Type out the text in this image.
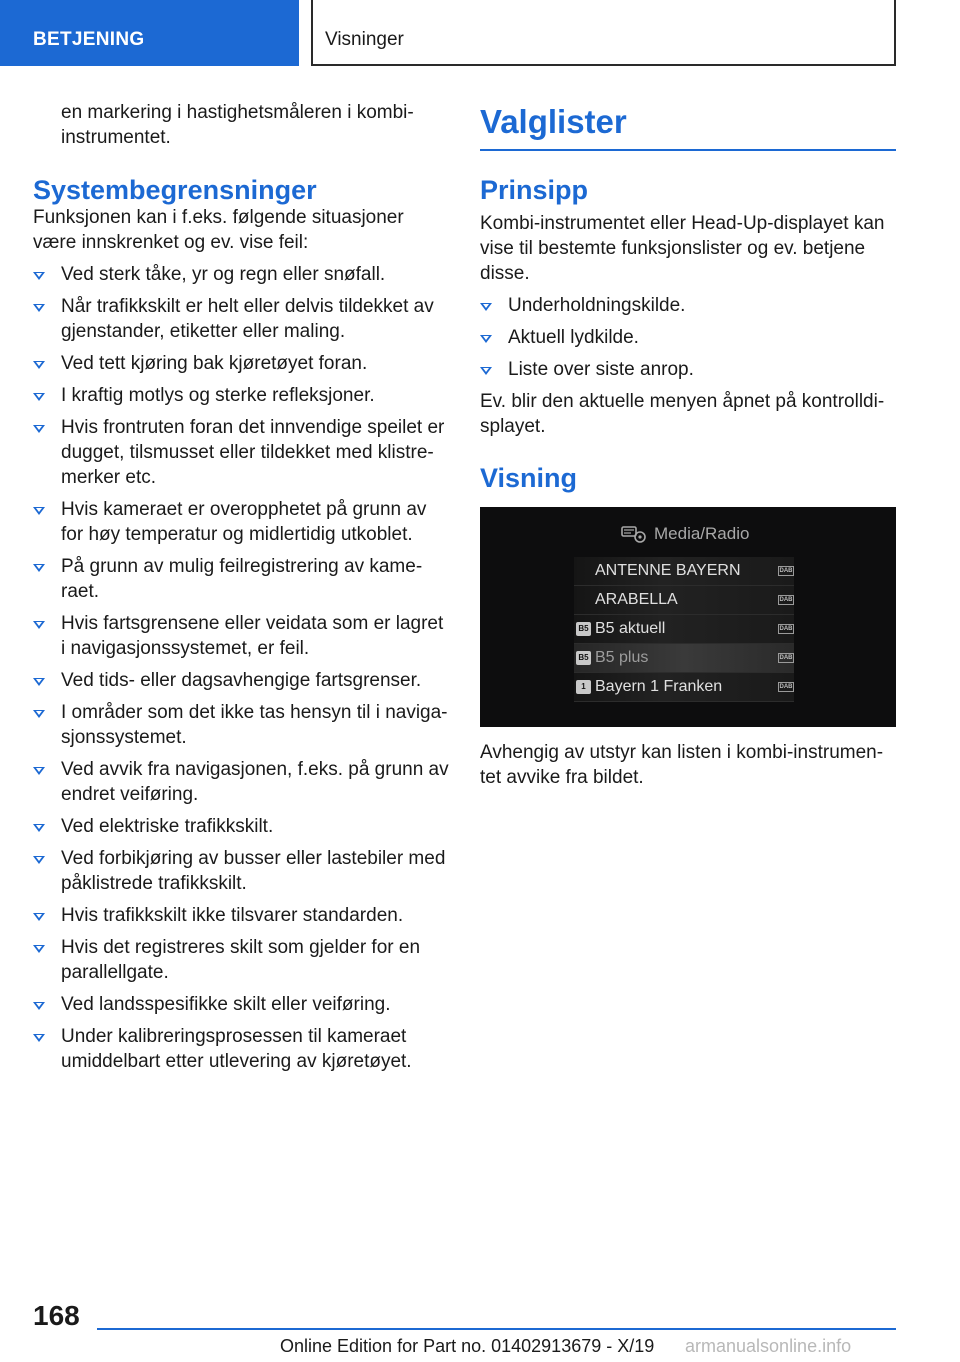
BETJENING	Visninger

en markering i hastighetsmåleren i kombi-instrumentet.

Systembegrensninger

Funksjonen kan i f.eks. følgende situasjoner være innskrenket og ev. vise feil:

Ved sterk tåke, yr og regn eller snøfall.
Når trafikkskilt er helt eller delvis tildekket av gjenstander, etiketter eller maling.
Ved tett kjøring bak kjøretøyet foran.
I kraftig motlys og sterke refleksjoner.
Hvis frontruten foran det innvendige speilet er dugget, tilsmusset eller tildekket med klistre-merker etc.
Hvis kameraet er overopphetet på grunn av for høy temperatur og midlertidig utkoblet.
På grunn av mulig feilregistrering av kame-raet.
Hvis fartsgrensene eller veidata som er lagret i navigasjonssystemet, er feil.
Ved tids- eller dagsavhengige fartsgrenser.
I områder som det ikke tas hensyn til i naviga-sjonssystemet.
Ved avvik fra navigasjonen, f.eks. på grunn av endret veiføring.
Ved elektriske trafikkskilt.
Ved forbikjøring av busser eller lastebiler med påklistrede trafikkskilt.
Hvis trafikkskilt ikke tilsvarer standarden.
Hvis det registreres skilt som gjelder for en parallellgate.
Ved landsspesifikke skilt eller veiføring.
Under kalibreringsprosessen til kameraet umiddelbart etter utlevering av kjøretøyet.
Valglister
Prinsipp

Kombi-instrumentet eller Head-Up-displayet kan vise til bestemte funksjonslister og ev. betjene disse.

Underholdningskilde.
Aktuell lydkilde.
Liste over siste anrop.

Ev. blir den aktuelle menyen åpnet på kontrolldi-splayet.

Visning
Media/Radio
ANTENNE BAYERN	DAB
ARABELLA	DAB
B5 B5 aktuell	DAB
B5 B5 plus	DAB
1 Bayern 1 Franken	DAB

Avhengig av utstyr kan listen i kombi-instrumen-tet avvike fra bildet.

168
Online Edition for Part no. 01402913679 - X/19 armanualsonline.info
